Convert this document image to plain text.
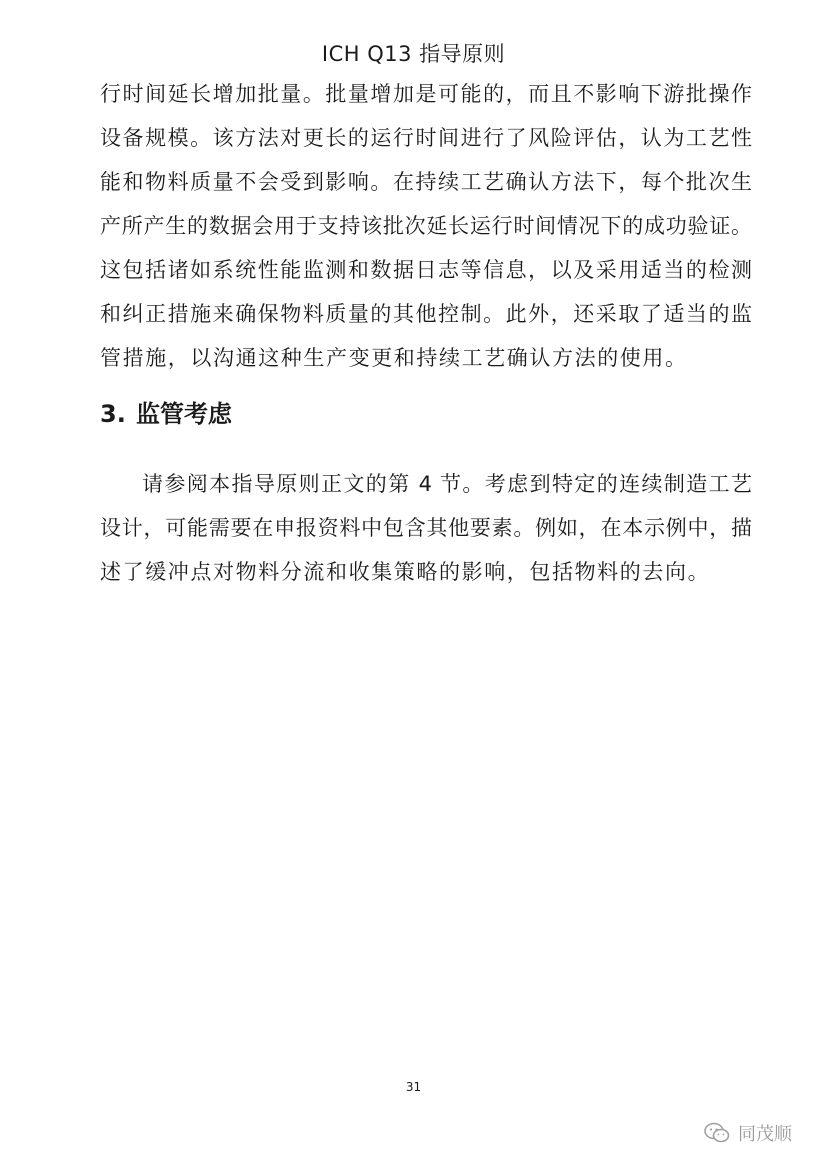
ICH Q13 指导原则
行时间延长增加批量。批量增加是可能的，而且不影响下游批操作
设备规模。该方法对更长的运行时间进行了风险评估，认为工艺性
能和物料质量不会受到影响。在持续工艺确认方法下，每个批次生
产所产生的数据会用于支持该批次延长运行时间情况下的成功验证。
这包括诸如系统性能监测和数据日志等信息，以及采用适当的检测
和纠正措施来确保物料质量的其他控制。此外，还采取了适当的监
管措施，以沟通这种生产变更和持续工艺确认方法的使用。
3. 监管考虑
请参阅本指导原则正文的第 4 节。考虑到特定的连续制造工艺
设计，可能需要在申报资料中包含其他要素。例如，在本示例中，描
述了缓冲点对物料分流和收集策略的影响，包括物料的去向。
31
同茂顺
